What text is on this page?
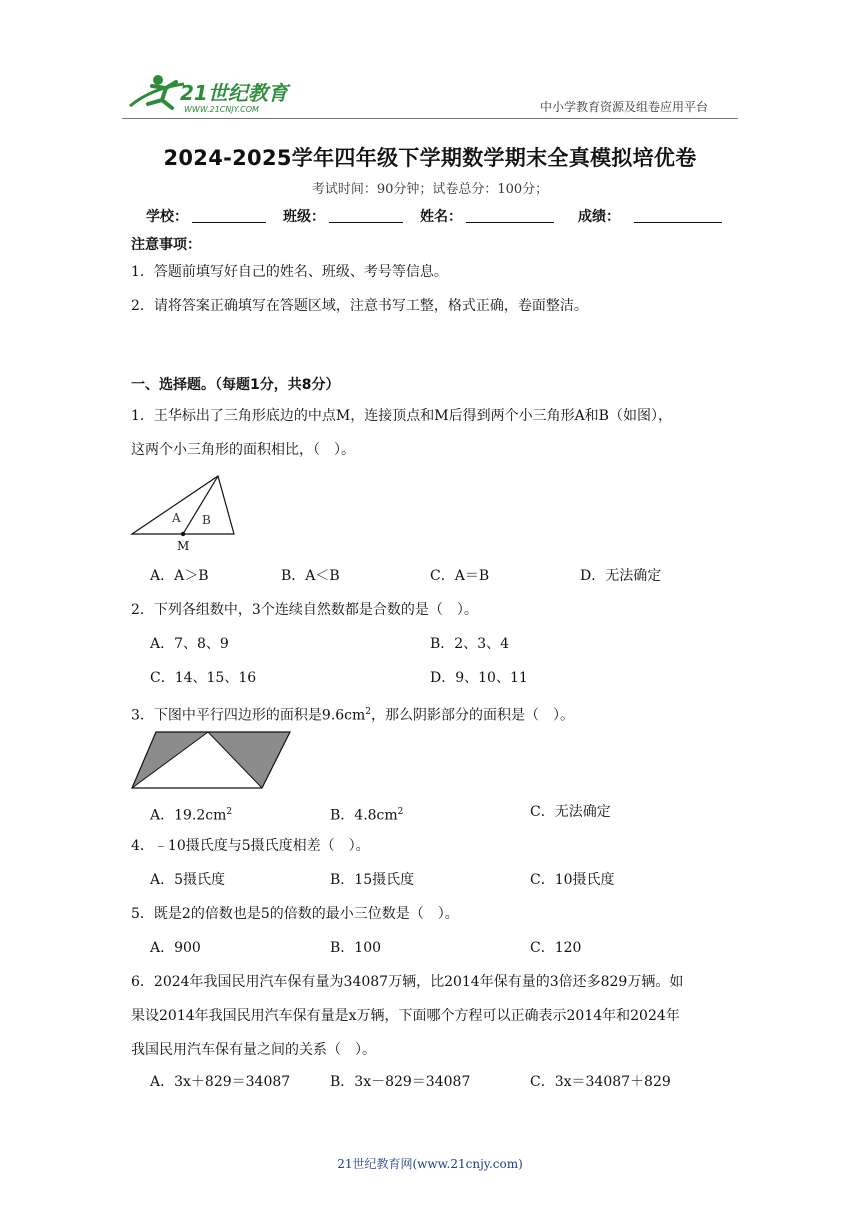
21世纪教育
WWW.21CNJY.COM	中小学教育资源及组卷应用平台
2024-2025学年四年级下学期数学期末全真模拟培优卷
考试时间：90分钟；试卷总分：100分；
学校：	班级：	姓名：	成绩：
注意事项：
1．答题前填写好自己的姓名、班级、考号等信息。
2．请将答案正确填写在答题区域，注意书写工整，格式正确，卷面整洁。
一、选择题。（每题1分，共8分）
1．王华标出了三角形底边的中点M，连接顶点和M后得到两个小三角形A和B（如图），
这两个小三角形的面积相比，（　）。
A B
M
A．A＞B	B．A＜B	C．A＝B	D．无法确定
2．下列各组数中，3个连续自然数都是合数的是（　）。
A．7、8、9	B．2、3、4
C．14、15、16	D．9、10、11
3．下图中平行四边形的面积是$9.6cm^2$，那么阴影部分的面积是（　）。
A．$19.2cm^2$	B．$4.8cm^2$	C．无法确定
4．﹣10摄氏度与5摄氏度相差（　）。
A．5摄氏度	B．15摄氏度	C．10摄氏度
5．既是2的倍数也是5的倍数的最小三位数是（　）。
A．900	B．100	C．120
6．2024年我国民用汽车保有量为34087万辆，比2014年保有量的3倍还多829万辆。如
果设2014年我国民用汽车保有量是x万辆，下面哪个方程可以正确表示2014年和2024年
我国民用汽车保有量之间的关系（　）。
A．3x＋829＝34087	B．3x－829＝34087	C．3x＝34087＋829
21世纪教育网(www.21cnjy.com)
